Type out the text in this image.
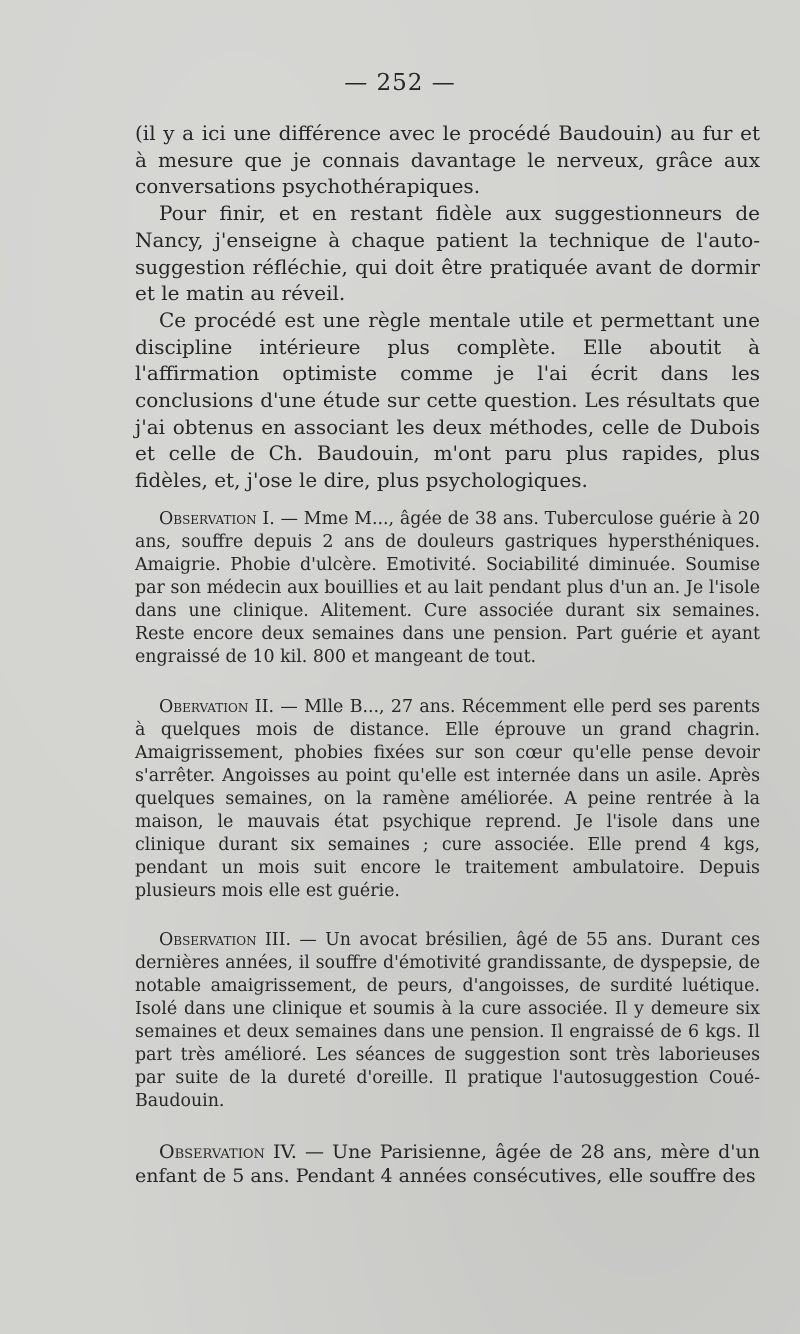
— 252 —

(il y a ici une différence avec le procédé Baudouin) au fur et à mesure que je connais davantage le nerveux, grâce aux conversations psychothérapiques.

Pour finir, et en restant fidèle aux suggestionneurs de Nancy, j'enseigne à chaque patient la technique de l'auto-suggestion réfléchie, qui doit être pratiquée avant de dormir et le matin au réveil.

Ce procédé est une règle mentale utile et permettant une discipline intérieure plus complète. Elle aboutit à l'affirmation optimiste comme je l'ai écrit dans les conclusions d'une étude sur cette question. Les résultats que j'ai obtenus en associant les deux méthodes, celle de Dubois et celle de Ch. Baudouin, m'ont paru plus rapides, plus fidèles, et, j'ose le dire, plus psychologiques.

Observation I. — Mme M..., âgée de 38 ans. Tuberculose guérie à 20 ans, souffre depuis 2 ans de douleurs gastriques hypersthéniques. Amaigrie. Phobie d'ulcère. Emotivité. Sociabilité diminuée. Soumise par son médecin aux bouillies et au lait pendant plus d'un an. Je l'isole dans une clinique. Alitement. Cure associée durant six semaines. Reste encore deux semaines dans une pension. Part guérie et ayant engraissé de 10 kil. 800 et mangeant de tout.

Obervation II. — Mlle B..., 27 ans. Récemment elle perd ses parents à quelques mois de distance. Elle éprouve un grand chagrin. Amaigrissement, phobies fixées sur son cœur qu'elle pense devoir s'arrêter. Angoisses au point qu'elle est internée dans un asile. Après quelques semaines, on la ramène améliorée. A peine rentrée à la maison, le mauvais état psychique reprend. Je l'isole dans une clinique durant six semaines ; cure associée. Elle prend 4 kgs, pendant un mois suit encore le traitement ambulatoire. Depuis plusieurs mois elle est guérie.

Observation III. — Un avocat brésilien, âgé de 55 ans. Durant ces dernières années, il souffre d'émotivité grandissante, de dyspepsie, de notable amaigrissement, de peurs, d'angoisses, de surdité luétique. Isolé dans une clinique et soumis à la cure associée. Il y demeure six semaines et deux semaines dans une pension. Il engraissé de 6 kgs. Il part très amélioré. Les séances de suggestion sont très laborieuses par suite de la dureté d'oreille. Il pratique l'autosuggestion Coué-Baudouin.

Observation IV. — Une Parisienne, âgée de 28 ans, mère d'un enfant de 5 ans. Pendant 4 années consécutives, elle souffre des
